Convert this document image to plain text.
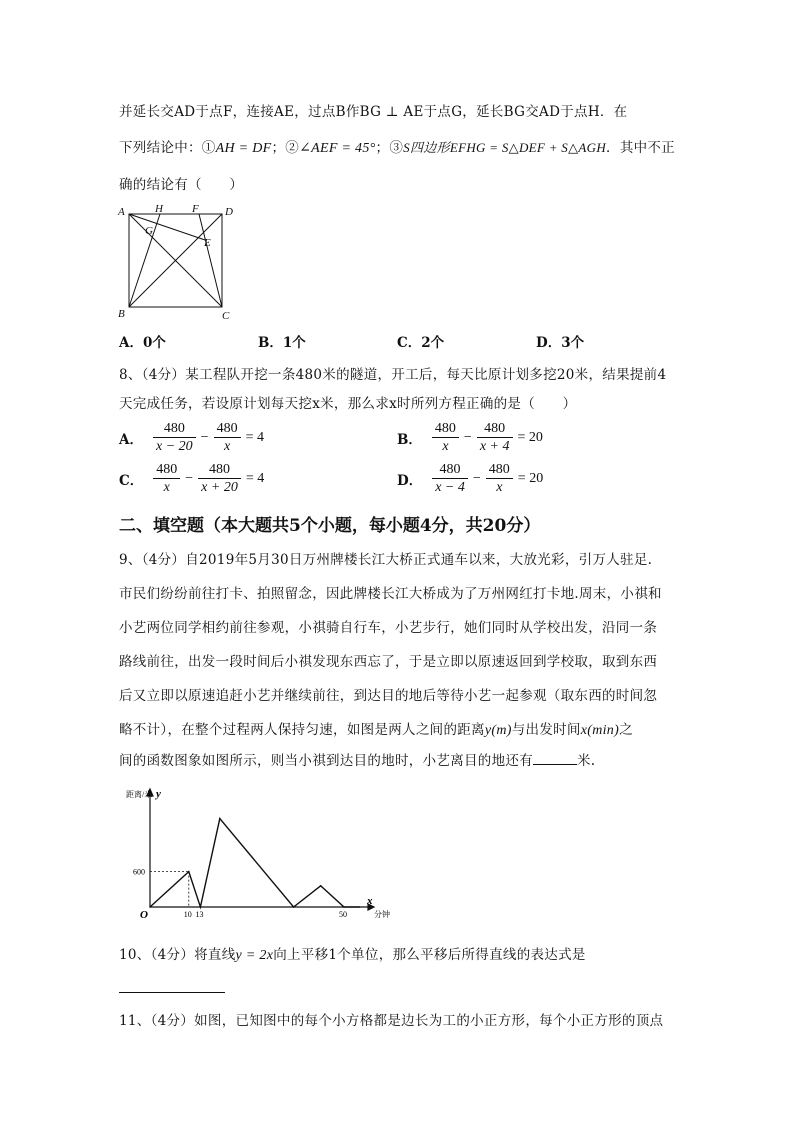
并延长交AD于点F，连接AE，过点B作BG ⊥ AE于点G，延长BG交AD于点H．在
下列结论中：①AH = DF；②∠AEF = 45°；③S四边形EFHG = S△DEF + S△AGH．其中不正
确的结论有（　　）
A	H	F D
G
E
B	C
A．0个	B．1个	C．2个	D．3个
8、（4分）某工程队开挖一条480米的隧道，开工后，每天比原计划多挖20米，结果提前4
天完成任务，若设原计划每天挖x米，那么求x时所列方程正确的是（　　）
A． $\frac{480}{x - 20} - \frac{480}{x} = 4$	B． $\frac{480}{x} - \frac{480}{x + 4} = 20$
C． $\frac{480}{x} - \frac{480}{x + 20} = 4$	D． $\frac{480}{x - 4} - \frac{480}{x} = 20$
二、填空题（本大题共5个小题，每小题4分，共20分）
9、（4分）自2019年5月30日万州牌楼长江大桥正式通车以来，大放光彩，引万人驻足.
市民们纷纷前往打卡、拍照留念，因此牌楼长江大桥成为了万州网红打卡地.周末，小祺和
小艺两位同学相约前往参观，小祺骑自行车，小艺步行，她们同时从学校出发，沿同一条
路线前往，出发一段时间后小祺发现东西忘了，于是立即以原速返回到学校取，取到东西
后又立即以原速追赶小艺并继续前往，到达目的地后等待小艺一起参观（取东西的时间忽
略不计），在整个过程两人保持匀速，如图是两人之间的距离y(m)与出发时间x(min)之
间的函数图象如图所示，则当小祺到达目的地时，小艺离目的地还有	米.
距离/米 y
x
分钟
O	10 13	50
600
10、（4分）将直线y = 2x向上平移1个单位，那么平移后所得直线的表达式是
11、（4分）如图，已知图中的每个小方格都是边长为工的小正方形，每个小正方形的顶点
